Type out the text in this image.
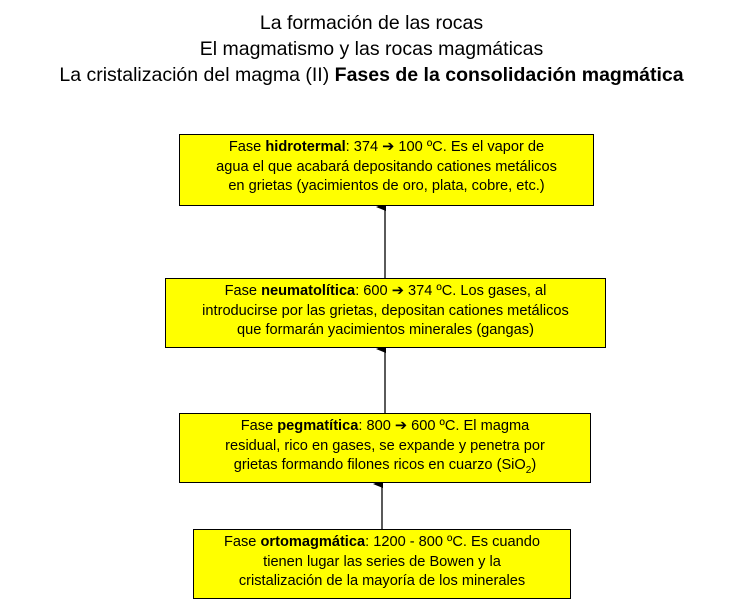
La formación de las rocas
El magmatismo y las rocas magmáticas
La cristalización del magma (II) Fases de la consolidación magmática
Fase hidrotermal: 374 ➔ 100 ºC. Es el vapor de
agua el que acabará depositando cationes metálicos
en grietas (yacimientos de oro, plata, cobre, etc.)
Fase neumatolítica: 600 ➔ 374 ºC. Los gases, al
introducirse por las grietas, depositan cationes metálicos
que formarán yacimientos minerales (gangas)
Fase pegmatítica: 800 ➔ 600 ºC. El magma
residual, rico en gases, se expande y penetra por
grietas formando filones ricos en cuarzo (SiO$_2$)
Fase ortomagmática: 1200 - 800 ºC. Es cuando
tienen lugar las series de Bowen y la
cristalización de la mayoría de los minerales
